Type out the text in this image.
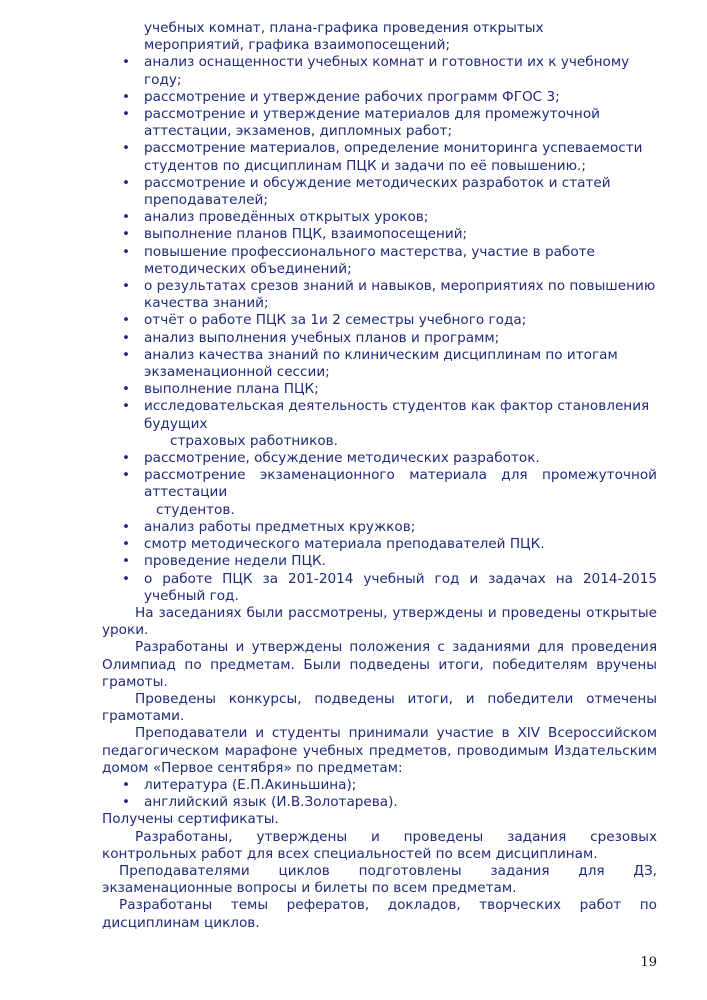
учебных комнат, плана-графика проведения открытых
мероприятий, графика взаимопосещений;
• анализ оснащенности учебных комнат и готовности их к учебному году;
• рассмотрение и утверждение рабочих программ ФГОС 3;
• рассмотрение и утверждение материалов для промежуточной аттестации, экзаменов, дипломных работ;
• рассмотрение материалов, определение мониторинга успеваемости студентов по дисциплинам ПЦК и задачи по её повышению.;
• рассмотрение и обсуждение методических разработок и статей преподавателей;
• анализ проведённых открытых уроков;
• выполнение планов ПЦК, взаимопосещений;
• повышение профессионального мастерства, участие в работе методических объединений;
• о результатах срезов знаний и навыков, мероприятиях по повышению качества знаний;
• отчёт о работе ПЦК за 1и 2 семестры учебного года;
• анализ выполнения учебных планов и программ;
• анализ качества знаний по клиническим дисциплинам по итогам экзаменационной сессии;
• выполнение плана ПЦК;
• исследовательская деятельность студентов как фактор становления будущих
страховых работников.
• рассмотрение, обсуждение методических разработок.
• рассмотрение экзаменационного материала для промежуточной аттестации
студентов.
• анализ работы предметных кружков;
• смотр методического материала преподавателей ПЦК.
• проведение недели ПЦК.
• о работе ПЦК за 201-2014 учебный год и задачах на 2014-2015 учебный год.

На заседаниях были рассмотрены, утверждены и проведены открытые уроки.

Разработаны и утверждены положения с заданиями для проведения Олимпиад по предметам. Были подведены итоги, победителям вручены грамоты.

Проведены конкурсы, подведены итоги, и победители отмечены грамотами.

Преподаватели и студенты принимали участие в XIV Всероссийском педагогическом марафоне учебных предметов, проводимым Издательским домом «Первое сентября» по предметам:

• литература (Е.П.Акиньшина);
• английский язык (И.В.Золотарева).

Получены сертификаты.

Разработаны, утверждены и проведены задания срезовых контрольных работ для всех специальностей по всем дисциплинам.

Преподавателями циклов подготовлены задания для ДЗ, экзаменационные вопросы и билеты по всем предметам.

Разработаны темы рефератов, докладов, творческих работ по дисциплинам циклов.

19
